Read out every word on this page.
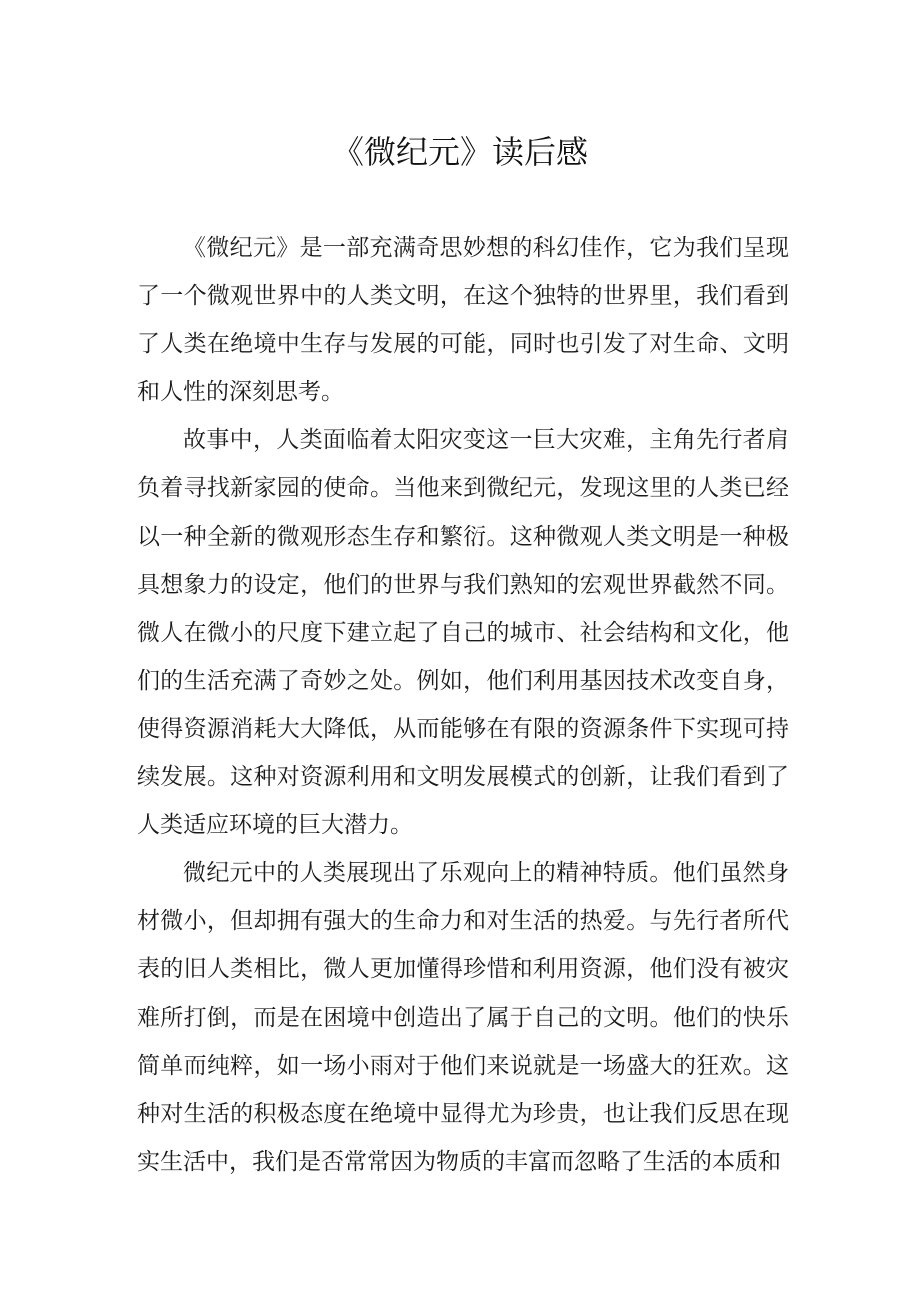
《微纪元》读后感

《微纪元》是一部充满奇思妙想的科幻佳作，它为我们呈现了一个微观世界中的人类文明，在这个独特的世界里，我们看到了人类在绝境中生存与发展的可能，同时也引发了对生命、文明和人性的深刻思考。

故事中，人类面临着太阳灾变这一巨大灾难，主角先行者肩负着寻找新家园的使命。当他来到微纪元，发现这里的人类已经以一种全新的微观形态生存和繁衍。这种微观人类文明是一种极具想象力的设定，他们的世界与我们熟知的宏观世界截然不同。微人在微小的尺度下建立起了自己的城市、社会结构和文化，他们的生活充满了奇妙之处。例如，他们利用基因技术改变自身，使得资源消耗大大降低，从而能够在有限的资源条件下实现可持续发展。这种对资源利用和文明发展模式的创新，让我们看到了人类适应环境的巨大潜力。

微纪元中的人类展现出了乐观向上的精神特质。他们虽然身材微小，但却拥有强大的生命力和对生活的热爱。与先行者所代表的旧人类相比，微人更加懂得珍惜和利用资源，他们没有被灾难所打倒，而是在困境中创造出了属于自己的文明。他们的快乐简单而纯粹，如一场小雨对于他们来说就是一场盛大的狂欢。这种对生活的积极态度在绝境中显得尤为珍贵，也让我们反思在现实生活中，我们是否常常因为物质的丰富而忽略了生活的本质和
